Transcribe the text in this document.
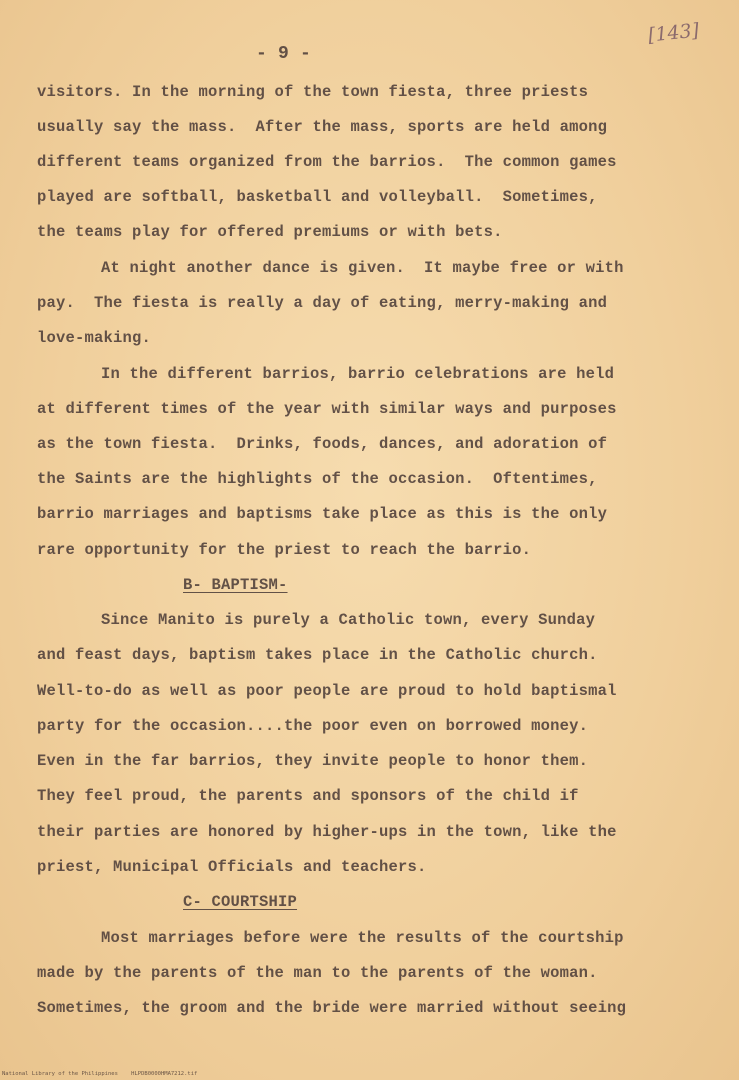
- 9 -
[143]
visitors. In the morning of the town fiesta, three priests
usually say the mass.  After the mass, sports are held among
different teams organized from the barrios.  The common games
played are softball, basketball and volleyball.  Sometimes,
the teams play for offered premiums or with bets.
At night another dance is given.  It maybe free or with
pay.  The fiesta is really a day of eating, merry-making and
love-making.
In the different barrios, barrio celebrations are held
at different times of the year with similar ways and purposes
as the town fiesta.  Drinks, foods, dances, and adoration of
the Saints are the highlights of the occasion.  Oftentimes,
barrio marriages and baptisms take place as this is the only
rare opportunity for the priest to reach the barrio.
B- BAPTISM-
Since Manito is purely a Catholic town, every Sunday
and feast days, baptism takes place in the Catholic church.
Well-to-do as well as poor people are proud to hold baptismal
party for the occasion....the poor even on borrowed money.
Even in the far barrios, they invite people to honor them.
They feel proud, the parents and sponsors of the child if
their parties are honored by higher-ups in the town, like the
priest, Municipal Officials and teachers.
C- COURTSHIP
Most marriages before were the results of the courtship
made by the parents of the man to the parents of the woman.
Sometimes, the groom and the bride were married without seeing
National Library of the Philippines    HLPDB0000HMA7212.tif
